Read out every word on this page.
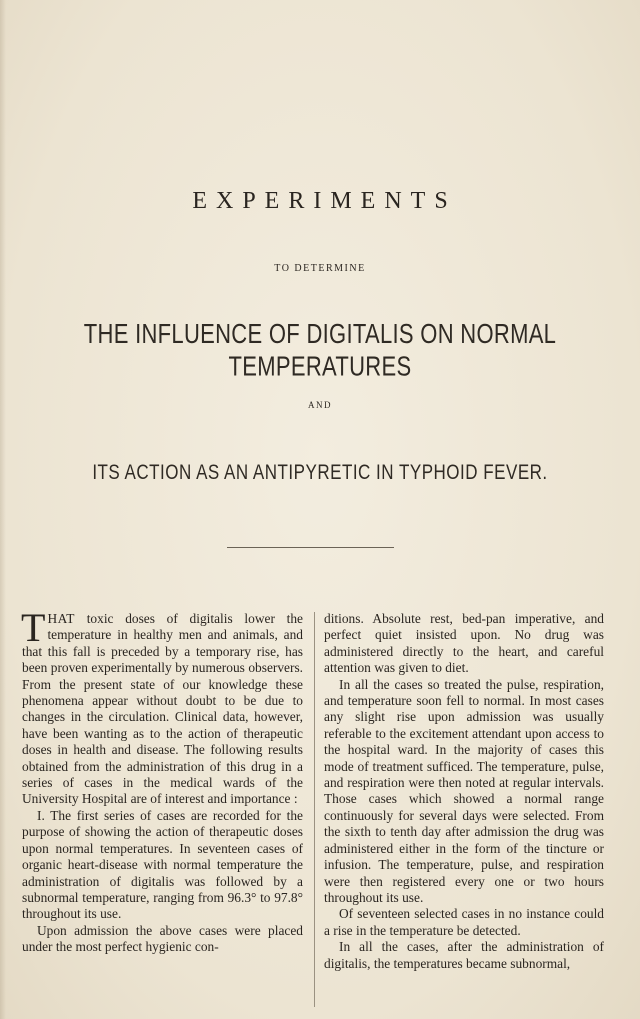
EXPERIMENTS
TO DETERMINE
THE INFLUENCE OF DIGITALIS ON NORMAL TEMPERATURES
AND
ITS ACTION AS AN ANTIPYRETIC IN TYPHOID FEVER.

THAT toxic doses of digitalis lower the temperature in healthy men and animals, and that this fall is preceded by a temporary rise, has been proven experimentally by numerous observers. From the present state of our knowledge these phenomena appear without doubt to be due to changes in the circulation. Clinical data, however, have been wanting as to the action of therapeutic doses in health and disease. The following results obtained from the administration of this drug in a series of cases in the medical wards of the University Hospital are of interest and importance :

I. The first series of cases are recorded for the purpose of showing the action of therapeutic doses upon normal temperatures. In seventeen cases of organic heart-disease with normal temperature the administration of digitalis was followed by a subnormal temperature, ranging from 96.3° to 97.8° throughout its use.

Upon admission the above cases were placed under the most perfect hygienic con-

ditions. Absolute rest, bed-pan imperative, and perfect quiet insisted upon. No drug was administered directly to the heart, and careful attention was given to diet.

In all the cases so treated the pulse, respiration, and temperature soon fell to normal. In most cases any slight rise upon admission was usually referable to the excitement attendant upon access to the hospital ward. In the majority of cases this mode of treatment sufficed. The temperature, pulse, and respiration were then noted at regular intervals. Those cases which showed a normal range continuously for several days were selected. From the sixth to tenth day after admission the drug was administered either in the form of the tincture or infusion. The temperature, pulse, and respiration were then registered every one or two hours throughout its use.

Of seventeen selected cases in no instance could a rise in the temperature be detected.

In all the cases, after the administration of digitalis, the temperatures became subnormal,
